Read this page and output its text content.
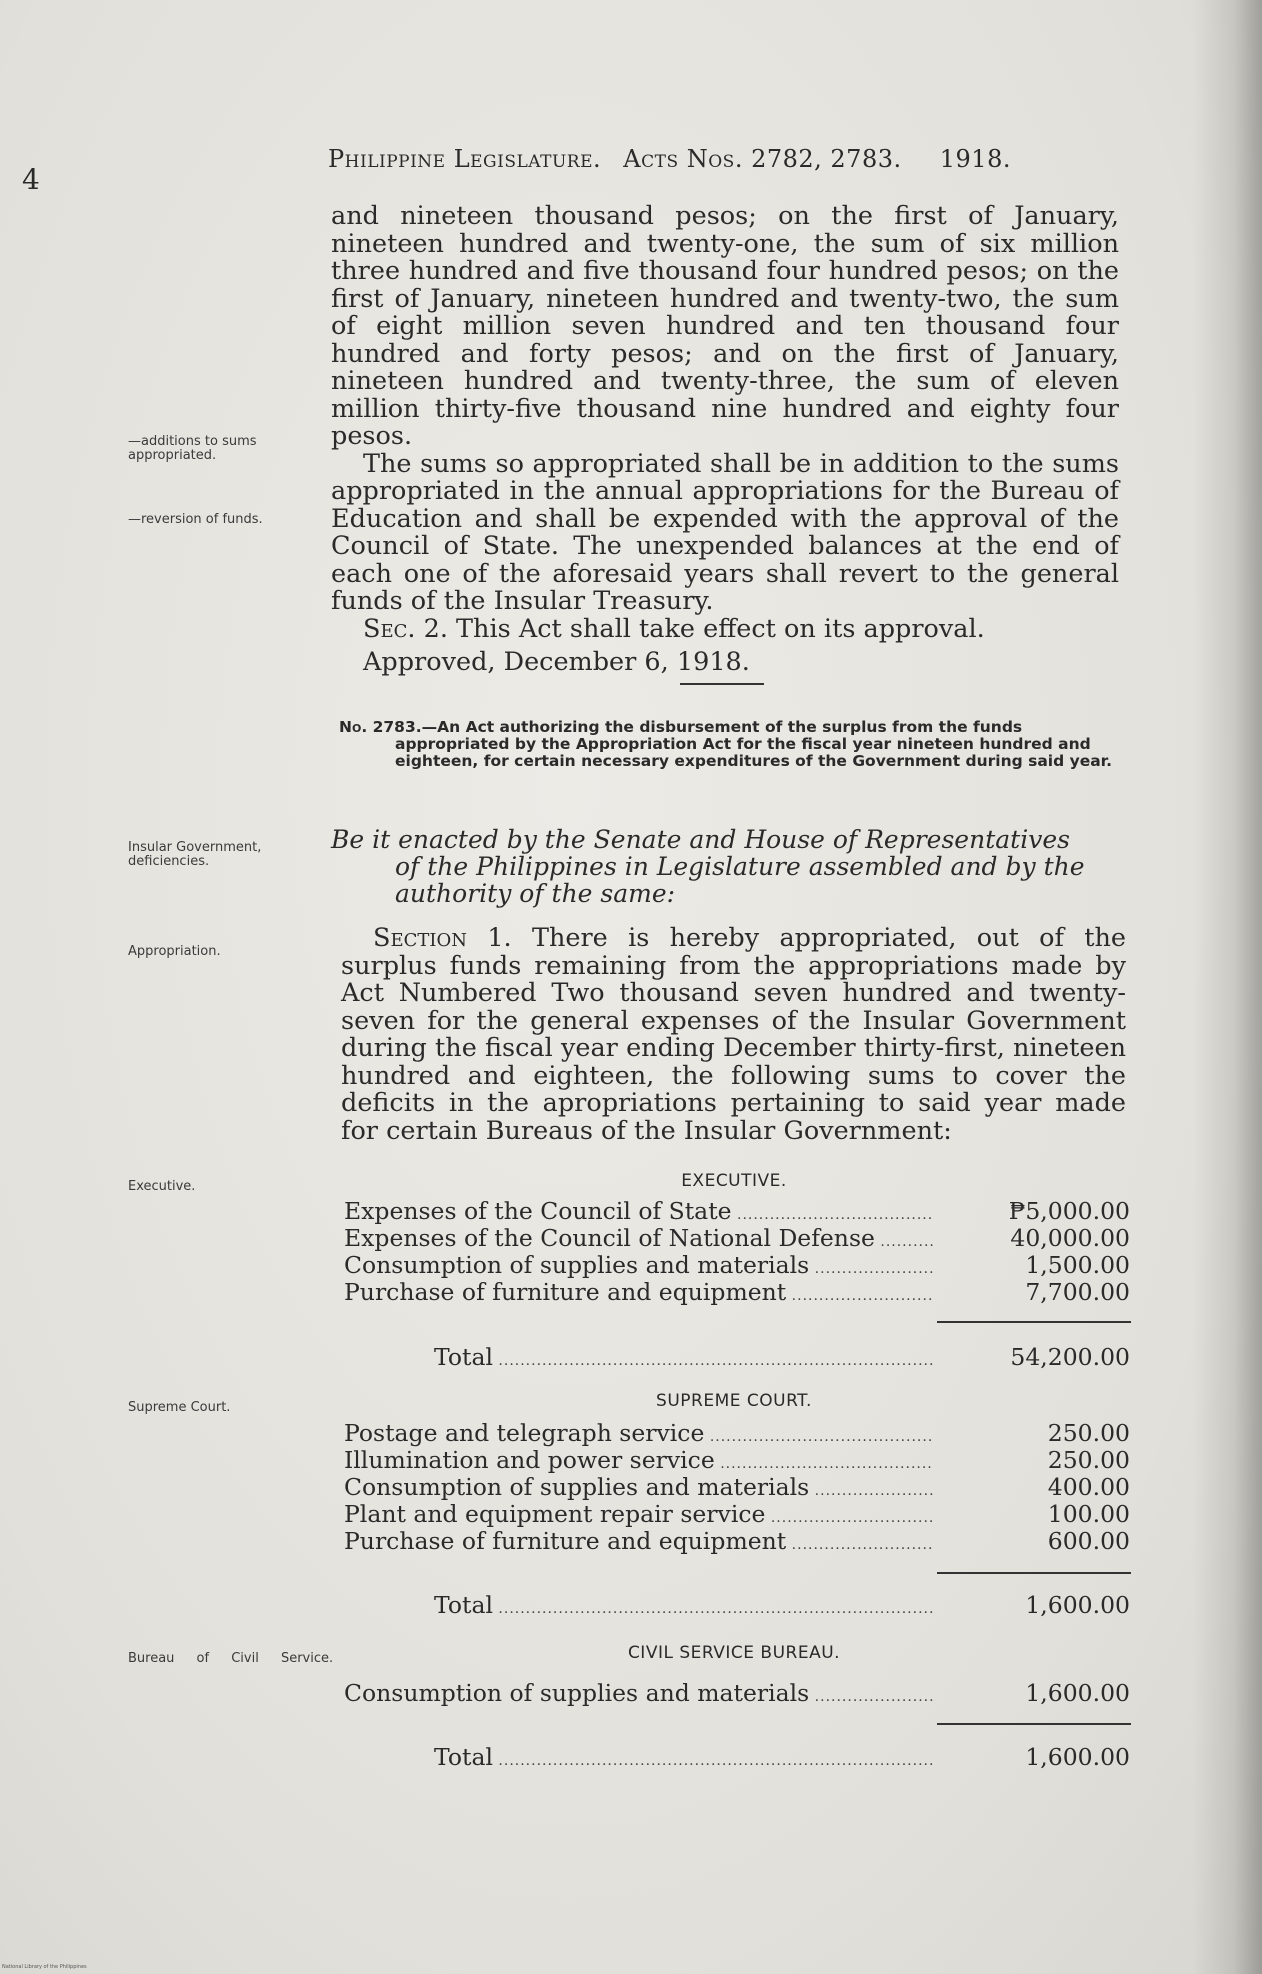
4
Philippine Legislature. Acts Nos. 2782, 2783. 1918.

and nineteen thousand pesos; on the first of January, nineteen hundred and twenty-one, the sum of six million three hundred and five thousand four hundred pesos; on the first of January, nineteen hundred and twenty-two, the sum of eight million seven hundred and ten thousand four hundred and forty pesos; and on the first of January, nineteen hundred and twenty-three, the sum of eleven million thirty-five thousand nine hundred and eighty four pesos.

The sums so appropriated shall be in addition to the sums appropriated in the annual appropriations for the Bureau of Education and shall be expended with the approval of the Council of State. The unexpended balances at the end of each one of the aforesaid years shall revert to the general funds of the Insular Treasury.

Sec. 2. This Act shall take effect on its approval.

Approved, December 6, 1918.

—additions to sums appropriated.
—reversion of funds.
No. 2783.—An Act authorizing the disbursement of the surplus from the funds appropriated by the Appropriation Act for the fiscal year nineteen hundred and eighteen, for certain necessary expenditures of the Government during said year.
Insular Government, deficiencies.
Be it enacted by the Senate and House of Representatives
of the Philippines in Legislature assembled and by the authority of the same:
Appropriation.	Section 1. There is hereby appropriated, out of the surplus funds remaining from the appropriations made by Act Numbered Two thousand seven hundred and twenty-seven for the general expenses of the Insular Government during the fiscal year ending December thirty-first, nineteen hundred and eighteen, the following sums to cover the deficits in the apropriations pertaining to said year made for certain Bureaus of the Insular Government:

Executive.	EXECUTIVE.
Expenses of the Council of State .....	₱5,000.00
Expenses of the Council of National Defense .....	40,000.00
Consumption of supplies and materials .....	1,500.00
Purchase of furniture and equipment .....	7,700.00
Total .....	54,200.00
Supreme Court.	SUPREME COURT.
Postage and telegraph service .....	250.00
Illumination and power service .....	250.00
Consumption of supplies and materials .....	400.00
Plant and equipment repair service .....	100.00
Purchase of furniture and equipment .....	600.00
Total .....	1,600.00
Bureau of Civil Service.	CIVIL SERVICE BUREAU.
Consumption of supplies and materials .....	1,600.00
Total .....	1,600.00
National Library of the Philippines
